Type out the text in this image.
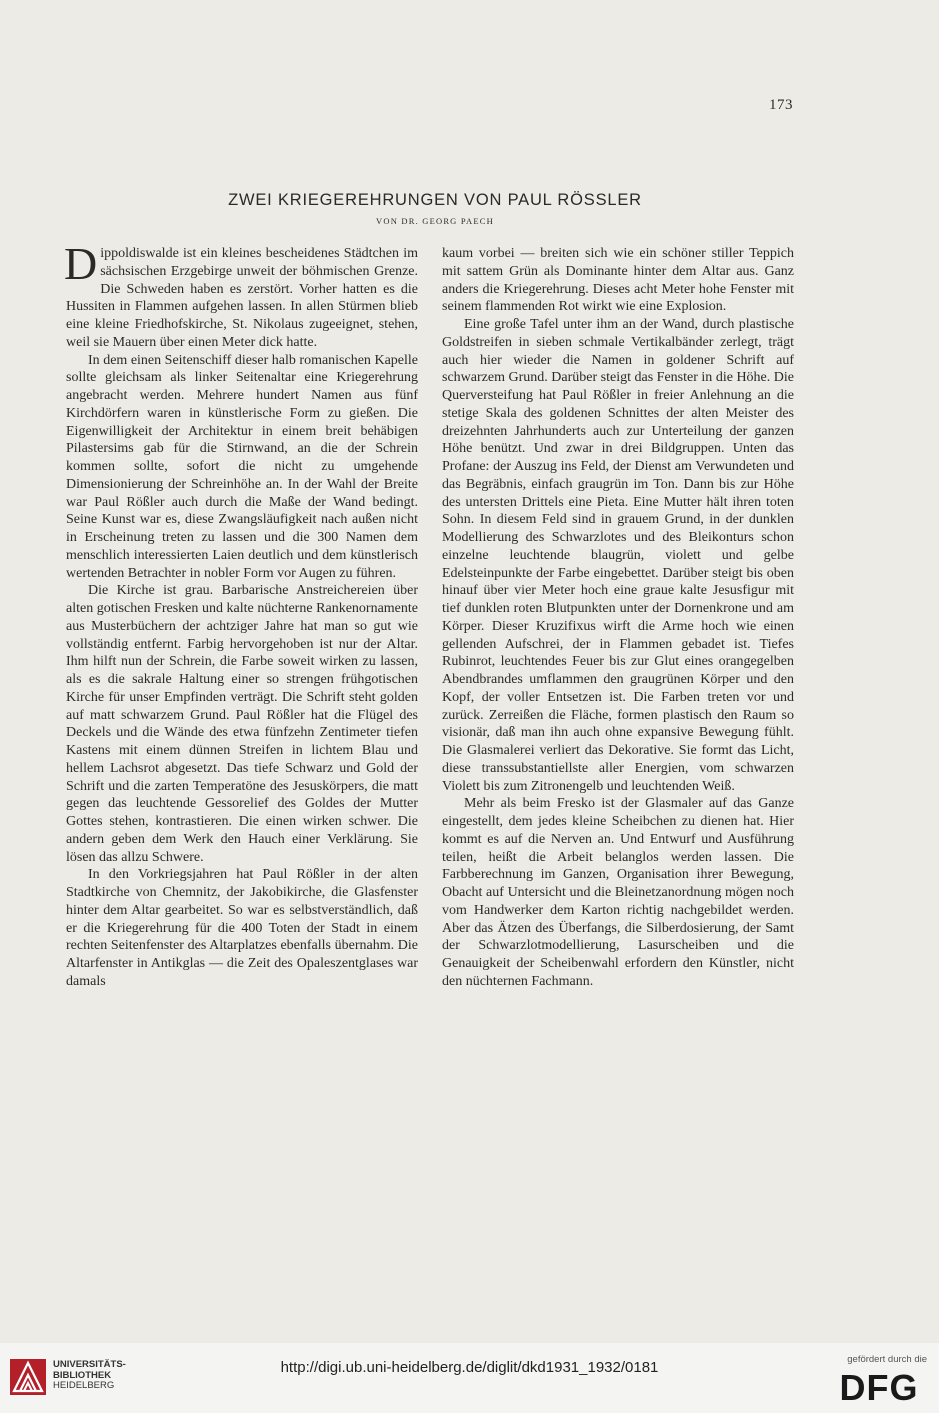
173
ZWEI KRIEGEREHRUNGEN VON PAUL RÖSSLER
VON DR. GEORG PAECH

Dippoldiswalde ist ein kleines bescheidenes Städtchen im sächsischen Erzgebirge unweit der böhmischen Grenze. Die Schweden haben es zerstört. Vorher hatten es die Hussiten in Flammen aufgehen lassen. In allen Stürmen blieb eine kleine Friedhofskirche, St. Nikolaus zugeeignet, stehen, weil sie Mauern über einen Meter dick hatte.

In dem einen Seitenschiff dieser halb romanischen Kapelle sollte gleichsam als linker Seitenaltar eine Kriegerehrung angebracht werden. Mehrere hundert Namen aus fünf Kirchdörfern waren in künstlerische Form zu gießen. Die Eigenwilligkeit der Architektur in einem breit behäbigen Pilastersims gab für die Stirnwand, an die der Schrein kommen sollte, sofort die nicht zu umgehende Dimensionierung der Schreinhöhe an. In der Wahl der Breite war Paul Rößler auch durch die Maße der Wand bedingt. Seine Kunst war es, diese Zwangsläufigkeit nach außen nicht in Erscheinung treten zu lassen und die 300 Namen dem menschlich interessierten Laien deutlich und dem künstlerisch wertenden Betrachter in nobler Form vor Augen zu führen.

Die Kirche ist grau. Barbarische Anstreichereien über alten gotischen Fresken und kalte nüchterne Rankenornamente aus Musterbüchern der achtziger Jahre hat man so gut wie vollständig entfernt. Farbig hervorgehoben ist nur der Altar. Ihm hilft nun der Schrein, die Farbe soweit wirken zu lassen, als es die sakrale Haltung einer so strengen frühgotischen Kirche für unser Empfinden verträgt. Die Schrift steht golden auf matt schwarzem Grund. Paul Rößler hat die Flügel des Deckels und die Wände des etwa fünfzehn Zentimeter tiefen Kastens mit einem dünnen Streifen in lichtem Blau und hellem Lachsrot abgesetzt. Das tiefe Schwarz und Gold der Schrift und die zarten Temperatöne des Jesuskörpers, die matt gegen das leuchtende Gessorelief des Goldes der Mutter Gottes stehen, kontrastieren. Die einen wirken schwer. Die andern geben dem Werk den Hauch einer Verklärung. Sie lösen das allzu Schwere.

In den Vorkriegsjahren hat Paul Rößler in der alten Stadtkirche von Chemnitz, der Jakobikirche, die Glasfenster hinter dem Altar gearbeitet. So war es selbstverständlich, daß er die Kriegerehrung für die 400 Toten der Stadt in einem rechten Seitenfenster des Altarplatzes ebenfalls übernahm. Die Altarfenster in Antikglas — die Zeit des Opaleszentglases war damals

kaum vorbei — breiten sich wie ein schöner stiller Teppich mit sattem Grün als Dominante hinter dem Altar aus. Ganz anders die Kriegerehrung. Dieses acht Meter hohe Fenster mit seinem flammenden Rot wirkt wie eine Explosion.

Eine große Tafel unter ihm an der Wand, durch plastische Goldstreifen in sieben schmale Vertikalbänder zerlegt, trägt auch hier wieder die Namen in goldener Schrift auf schwarzem Grund. Darüber steigt das Fenster in die Höhe. Die Querversteifung hat Paul Rößler in freier Anlehnung an die stetige Skala des goldenen Schnittes der alten Meister des dreizehnten Jahrhunderts auch zur Unterteilung der ganzen Höhe benützt. Und zwar in drei Bildgruppen. Unten das Profane: der Auszug ins Feld, der Dienst am Verwundeten und das Begräbnis, einfach graugrün im Ton. Dann bis zur Höhe des untersten Drittels eine Pieta. Eine Mutter hält ihren toten Sohn. In diesem Feld sind in grauem Grund, in der dunklen Modellierung des Schwarzlotes und des Bleikonturs schon einzelne leuchtende blaugrün, violett und gelbe Edelsteinpunkte der Farbe eingebettet. Darüber steigt bis oben hinauf über vier Meter hoch eine graue kalte Jesusfigur mit tief dunklen roten Blutpunkten unter der Dornenkrone und am Körper. Dieser Kruzifixus wirft die Arme hoch wie einen gellenden Aufschrei, der in Flammen gebadet ist. Tiefes Rubinrot, leuchtendes Feuer bis zur Glut eines orangegelben Abendbrandes umflammen den graugrünen Körper und den Kopf, der voller Entsetzen ist. Die Farben treten vor und zurück. Zerreißen die Fläche, formen plastisch den Raum so visionär, daß man ihn auch ohne expansive Bewegung fühlt. Die Glasmalerei verliert das Dekorative. Sie formt das Licht, diese transsubstantiellste aller Energien, vom schwarzen Violett bis zum Zitronengelb und leuchtenden Weiß.

Mehr als beim Fresko ist der Glasmaler auf das Ganze eingestellt, dem jedes kleine Scheibchen zu dienen hat. Hier kommt es auf die Nerven an. Und Entwurf und Ausführung teilen, heißt die Arbeit belanglos werden lassen. Die Farbberechnung im Ganzen, Organisation ihrer Bewegung, Obacht auf Untersicht und die Bleinetzanordnung mögen noch vom Handwerker dem Karton richtig nachgebildet werden. Aber das Ätzen des Überfangs, die Silberdosierung, der Samt der Schwarzlotmodellierung, Lasurscheiben und die Genauigkeit der Scheibenwahl erfordern den Künstler, nicht den nüchternen Fachmann.

UNIVERSITÄTS-
BIBLIOTHEK
HEIDELBERG
http://digi.ub.uni-heidelberg.de/diglit/dkd1931_1932/0181	gefördert durch die
DFG
